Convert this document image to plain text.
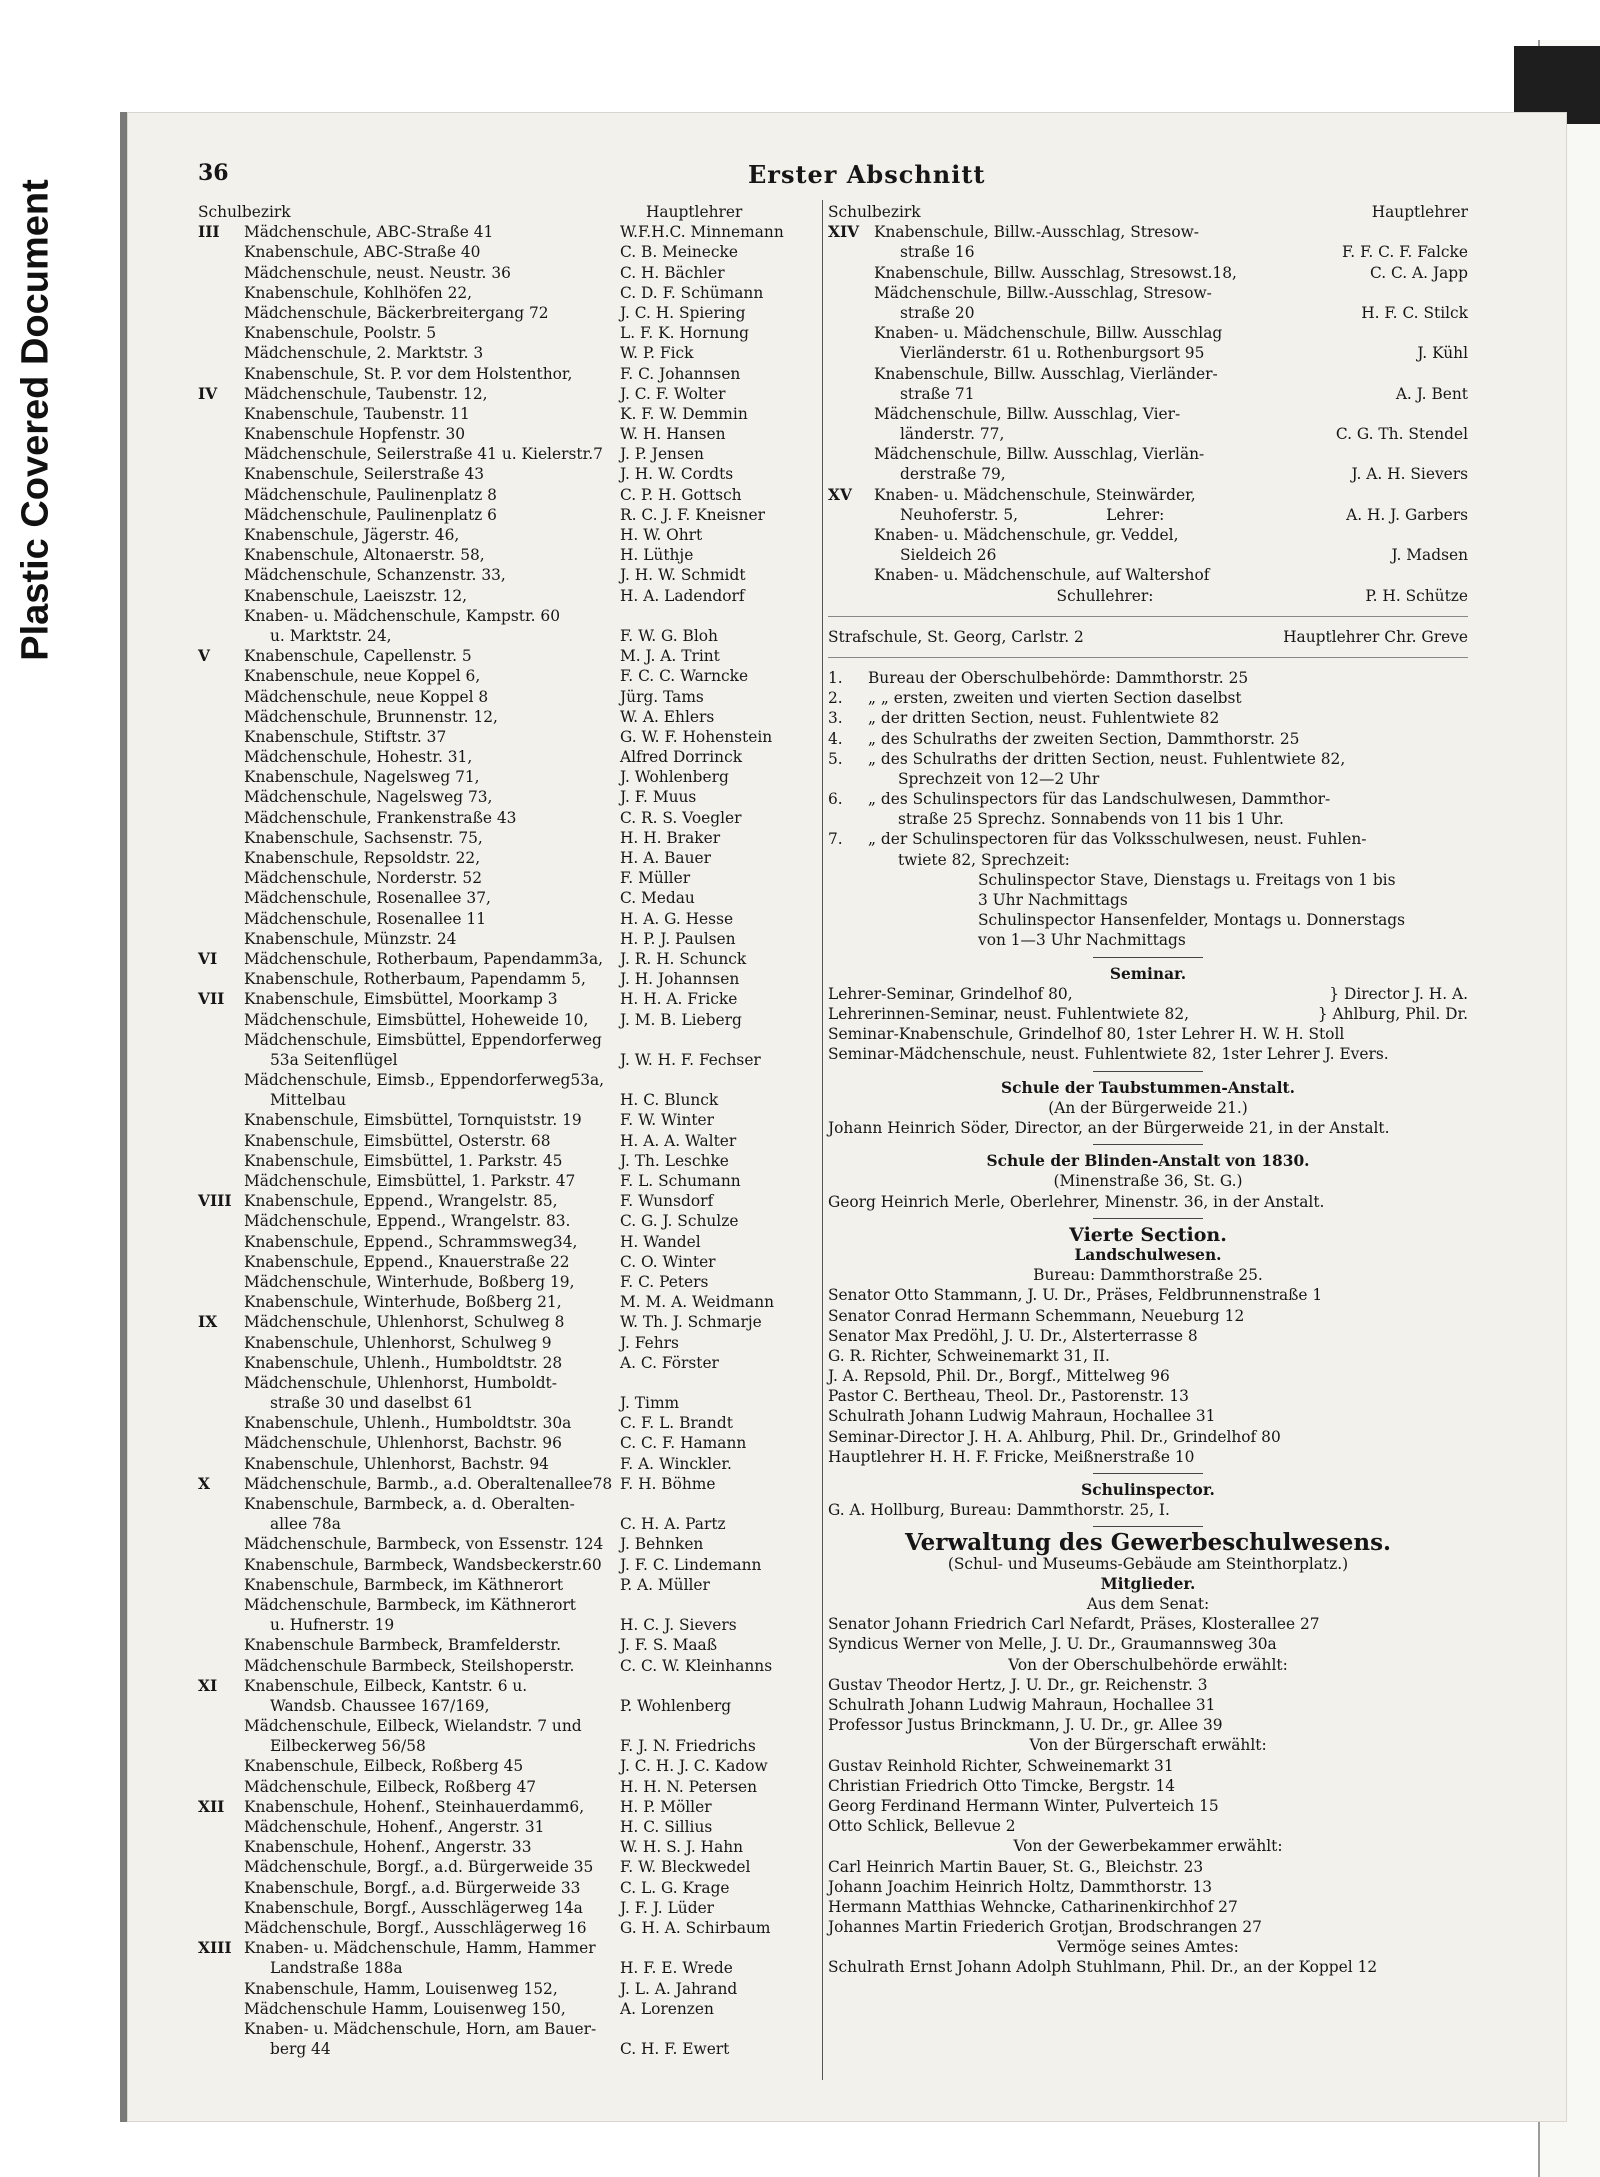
Plastic Covered Document
36	Erster Abschnitt
Schulbezirk	Hauptlehrer
III	Mädchenschule, ABC-Straße 41	W.F.H.C. Minnemann
Knabenschule, ABC-Straße 40	C. B. Meinecke
Mädchenschule, neust. Neustr. 36	C. H. Bächler
Knabenschule, Kohlhöfen 22,	C. D. F. Schümann
Mädchenschule, Bäckerbreitergang 72	J. C. H. Spiering
Knabenschule, Poolstr. 5	L. F. K. Hornung
Mädchenschule, 2. Marktstr. 3	W. P. Fick
Knabenschule, St. P. vor dem Holstenthor,	F. C. Johannsen
IV	Mädchenschule, Taubenstr. 12,	J. C. F. Wolter
Knabenschule, Taubenstr. 11	K. F. W. Demmin
Knabenschule Hopfenstr. 30	W. H. Hansen
Mädchenschule, Seilerstraße 41 u. Kielerstr.7 J. P. Jensen
Knabenschule, Seilerstraße 43	J. H. W. Cordts
Mädchenschule, Paulinenplatz 8	C. P. H. Gottsch
Mädchenschule, Paulinenplatz 6	R. C. J. F. Kneisner
Knabenschule, Jägerstr. 46,	H. W. Ohrt
Knabenschule, Altonaerstr. 58,	H. Lüthje
Mädchenschule, Schanzenstr. 33,	J. H. W. Schmidt
Knabenschule, Laeiszstr. 12,	H. A. Ladendorf
Knaben- u. Mädchenschule, Kampstr. 60
u. Marktstr. 24,	F. W. G. Bloh
V	Knabenschule, Capellenstr. 5	M. J. A. Trint
Knabenschule, neue Koppel 6,	F. C. C. Warncke
Mädchenschule, neue Koppel 8	Jürg. Tams
Mädchenschule, Brunnenstr. 12,	W. A. Ehlers
Knabenschule, Stiftstr. 37	G. W. F. Hohenstein
Mädchenschule, Hohestr. 31,	Alfred Dorrinck
Knabenschule, Nagelsweg 71,	J. Wohlenberg
Mädchenschule, Nagelsweg 73,	J. F. Muus
Mädchenschule, Frankenstraße 43	C. R. S. Voegler
Knabenschule, Sachsenstr. 75,	H. H. Braker
Knabenschule, Repsoldstr. 22,	H. A. Bauer
Mädchenschule, Norderstr. 52	F. Müller
Mädchenschule, Rosenallee 37,	C. Medau
Mädchenschule, Rosenallee 11	H. A. G. Hesse
Knabenschule, Münzstr. 24	H. P. J. Paulsen
VI	Mädchenschule, Rotherbaum, Papendamm3a, J. R. H. Schunck
Knabenschule, Rotherbaum, Papendamm 5, J. H. Johannsen
VII	Knabenschule, Eimsbüttel, Moorkamp 3	H. H. A. Fricke
Mädchenschule, Eimsbüttel, Hoheweide 10, J. M. B. Lieberg
Mädchenschule, Eimsbüttel, Eppendorferweg
53a Seitenflügel	J. W. H. F. Fechser
Mädchenschule, Eimsb., Eppendorferweg53a,
Mittelbau	H. C. Blunck
Knabenschule, Eimsbüttel, Tornquiststr. 19 F. W. Winter
Knabenschule, Eimsbüttel, Osterstr. 68	H. A. A. Walter
Knabenschule, Eimsbüttel, 1. Parkstr. 45	J. Th. Leschke
Mädchenschule, Eimsbüttel, 1. Parkstr. 47	F. L. Schumann
VIII Knabenschule, Eppend., Wrangelstr. 85,	F. Wunsdorf
Mädchenschule, Eppend., Wrangelstr. 83.	C. G. J. Schulze
Knabenschule, Eppend., Schrammsweg34,	H. Wandel
Knabenschule, Eppend., Knauerstraße 22	C. O. Winter
Mädchenschule, Winterhude, Boßberg 19,	F. C. Peters
Knabenschule, Winterhude, Boßberg 21,	M. M. A. Weidmann
IX	Mädchenschule, Uhlenhorst, Schulweg 8	W. Th. J. Schmarje
Knabenschule, Uhlenhorst, Schulweg 9	J. Fehrs
Knabenschule, Uhlenh., Humboldtstr. 28	A. C. Förster
Mädchenschule, Uhlenhorst, Humboldt-
straße 30 und daselbst 61	J. Timm
Knabenschule, Uhlenh., Humboldtstr. 30a	C. F. L. Brandt
Mädchenschule, Uhlenhorst, Bachstr. 96	C. C. F. Hamann
Knabenschule, Uhlenhorst, Bachstr. 94	F. A. Winckler.
X	Mädchenschule, Barmb., a.d. Oberaltenallee78 F. H. Böhme
Knabenschule, Barmbeck, a. d. Oberalten-
allee 78a	C. H. A. Partz
Mädchenschule, Barmbeck, von Essenstr. 124 J. Behnken
Knabenschule, Barmbeck, Wandsbeckerstr.60 J. F. C. Lindemann
Knabenschule, Barmbeck, im Käthnerort	P. A. Müller
Mädchenschule, Barmbeck, im Käthnerort
u. Hufnerstr. 19	H. C. J. Sievers
Knabenschule Barmbeck, Bramfelderstr.	J. F. S. Maaß
Mädchenschule Barmbeck, Steilshoperstr.	C. C. W. Kleinhanns
XI	Knabenschule, Eilbeck, Kantstr. 6 u.
Wandsb. Chaussee 167/169,	P. Wohlenberg
Mädchenschule, Eilbeck, Wielandstr. 7 und
Eilbeckerweg 56/58	F. J. N. Friedrichs
Knabenschule, Eilbeck, Roßberg 45	J. C. H. J. C. Kadow
Mädchenschule, Eilbeck, Roßberg 47	H. H. N. Petersen
XII	Knabenschule, Hohenf., Steinhauerdamm6, H. P. Möller
Mädchenschule, Hohenf., Angerstr. 31	H. C. Sillius
Knabenschule, Hohenf., Angerstr. 33	W. H. S. J. Hahn
Mädchenschule, Borgf., a.d. Bürgerweide 35 F. W. Bleckwedel
Knabenschule, Borgf., a.d. Bürgerweide 33	C. L. G. Krage
Knabenschule, Borgf., Ausschlägerweg 14a J. F. J. Lüder
Mädchenschule, Borgf., Ausschlägerweg 16 G. H. A. Schirbaum
XIII Knaben- u. Mädchenschule, Hamm, Hammer
Landstraße 188a	H. F. E. Wrede
Knabenschule, Hamm, Louisenweg 152,	J. L. A. Jahrand
Mädchenschule Hamm, Louisenweg 150,	A. Lorenzen
Knaben- u. Mädchenschule, Horn, am Bauer-
berg 44	C. H. F. Ewert
Schulbezirk	Hauptlehrer
XIV Knabenschule, Billw.-Ausschlag, Stresow-
straße 16	F. F. C. F. Falcke
Knabenschule, Billw. Ausschlag, Stresowst.18,	C. C. A. Japp
Mädchenschule, Billw.-Ausschlag, Stresow-
straße 20	H. F. C. Stilck
Knaben- u. Mädchenschule, Billw. Ausschlag
Vierländerstr. 61 u. Rothenburgsort 95	J. Kühl
Knabenschule, Billw. Ausschlag, Vierländer-
straße 71	A. J. Bent
Mädchenschule, Billw. Ausschlag, Vier-
länderstr. 77,	C. G. Th. Stendel
Mädchenschule, Billw. Ausschlag, Vierlän-
derstraße 79,	J. A. H. Sievers
XV	Knaben- u. Mädchenschule, Steinwärder,
Neuhoferstr. 5,                  Lehrer:	A. H. J. Garbers
Knaben- u. Mädchenschule, gr. Veddel,
Sieldeich 26	J. Madsen
Knaben- u. Mädchenschule, auf Waltershof
Schullehrer:	P. H. Schütze
Strafschule, St. Georg, Carlstr. 2	Hauptlehrer Chr. Greve
1.	Bureau der Oberschulbehörde: Dammthorstr. 25
2.	„ „ ersten, zweiten und vierten Section daselbst
3.	„ der dritten Section, neust. Fuhlentwiete 82
4.	„ des Schulraths der zweiten Section, Dammthorstr. 25
5.	„ des Schulraths der dritten Section, neust. Fuhlentwiete 82,
Sprechzeit von 12—2 Uhr
6.	„ des Schulinspectors für das Landschulwesen, Dammthor-
straße 25 Sprechz. Sonnabends von 11 bis 1 Uhr.
7.	„ der Schulinspectoren für das Volksschulwesen, neust. Fuhlen-
twiete 82, Sprechzeit:
Schulinspector Stave, Dienstags u. Freitags von 1 bis
3 Uhr Nachmittags
Schulinspector Hansenfelder, Montags u. Donnerstags
von 1—3 Uhr Nachmittags
Seminar.
Lehrer-Seminar, Grindelhof 80,	} Director J. H. A.
Lehrerinnen-Seminar, neust. Fuhlentwiete 82,	} Ahlburg, Phil. Dr.
Seminar-Knabenschule, Grindelhof 80, 1ster Lehrer H. W. H. Stoll
Seminar-Mädchenschule, neust. Fuhlentwiete 82, 1ster Lehrer J. Evers.
Schule der Taubstummen-Anstalt.
(An der Bürgerweide 21.)
Johann Heinrich Söder, Director, an der Bürgerweide 21, in der Anstalt.
Schule der Blinden-Anstalt von 1830.
(Minenstraße 36, St. G.)
Georg Heinrich Merle, Oberlehrer, Minenstr. 36, in der Anstalt.
Vierte Section.
Landschulwesen.
Bureau: Dammthorstraße 25.
Senator Otto Stammann, J. U. Dr., Präses, Feldbrunnenstraße 1
Senator Conrad Hermann Schemmann, Neueburg 12
Senator Max Predöhl, J. U. Dr., Alsterterrasse 8
G. R. Richter, Schweinemarkt 31, II.
J. A. Repsold, Phil. Dr., Borgf., Mittelweg 96
Pastor C. Bertheau, Theol. Dr., Pastorenstr. 13
Schulrath Johann Ludwig Mahraun, Hochallee 31
Seminar-Director J. H. A. Ahlburg, Phil. Dr., Grindelhof 80
Hauptlehrer H. H. F. Fricke, Meißnerstraße 10
Schulinspector.
G. A. Hollburg, Bureau: Dammthorstr. 25, I.
Verwaltung des Gewerbeschulwesens.
(Schul- und Museums-Gebäude am Steinthorplatz.)
Mitglieder.
Aus dem Senat:
Senator Johann Friedrich Carl Nefardt, Präses, Klosterallee 27
Syndicus Werner von Melle, J. U. Dr., Graumannsweg 30a
Von der Oberschulbehörde erwählt:
Gustav Theodor Hertz, J. U. Dr., gr. Reichenstr. 3
Schulrath Johann Ludwig Mahraun, Hochallee 31
Professor Justus Brinckmann, J. U. Dr., gr. Allee 39
Von der Bürgerschaft erwählt:
Gustav Reinhold Richter, Schweinemarkt 31
Christian Friedrich Otto Timcke, Bergstr. 14
Georg Ferdinand Hermann Winter, Pulverteich 15
Otto Schlick, Bellevue 2
Von der Gewerbekammer erwählt:
Carl Heinrich Martin Bauer, St. G., Bleichstr. 23
Johann Joachim Heinrich Holtz, Dammthorstr. 13
Hermann Matthias Wehncke, Catharinenkirchhof 27
Johannes Martin Friederich Grotjan, Brodschrangen 27
Vermöge seines Amtes:
Schulrath Ernst Johann Adolph Stuhlmann, Phil. Dr., an der Koppel 12
